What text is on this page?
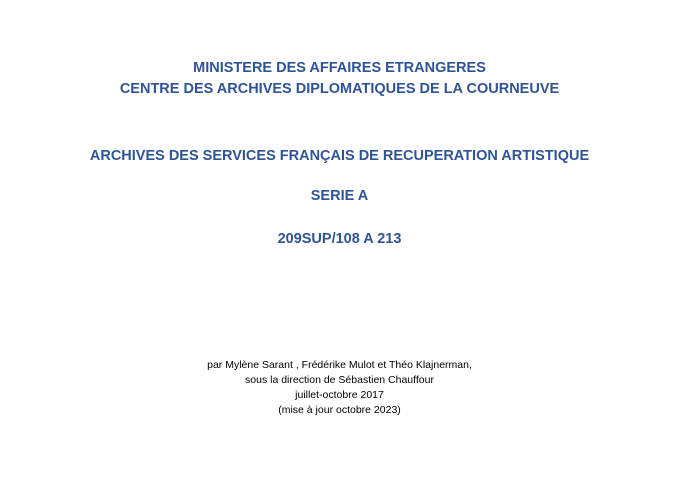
MINISTERE DES AFFAIRES ETRANGERES
CENTRE DES ARCHIVES DIPLOMATIQUES DE LA COURNEUVE
ARCHIVES DES SERVICES FRANÇAIS DE RECUPERATION ARTISTIQUE
SERIE A
209SUP/108 A 213
par Mylène Sarant , Frédérike Mulot et Théo Klajnerman,
sous la direction de Sébastien Chauffour
juillet-octobre 2017
(mise à jour octobre 2023)
